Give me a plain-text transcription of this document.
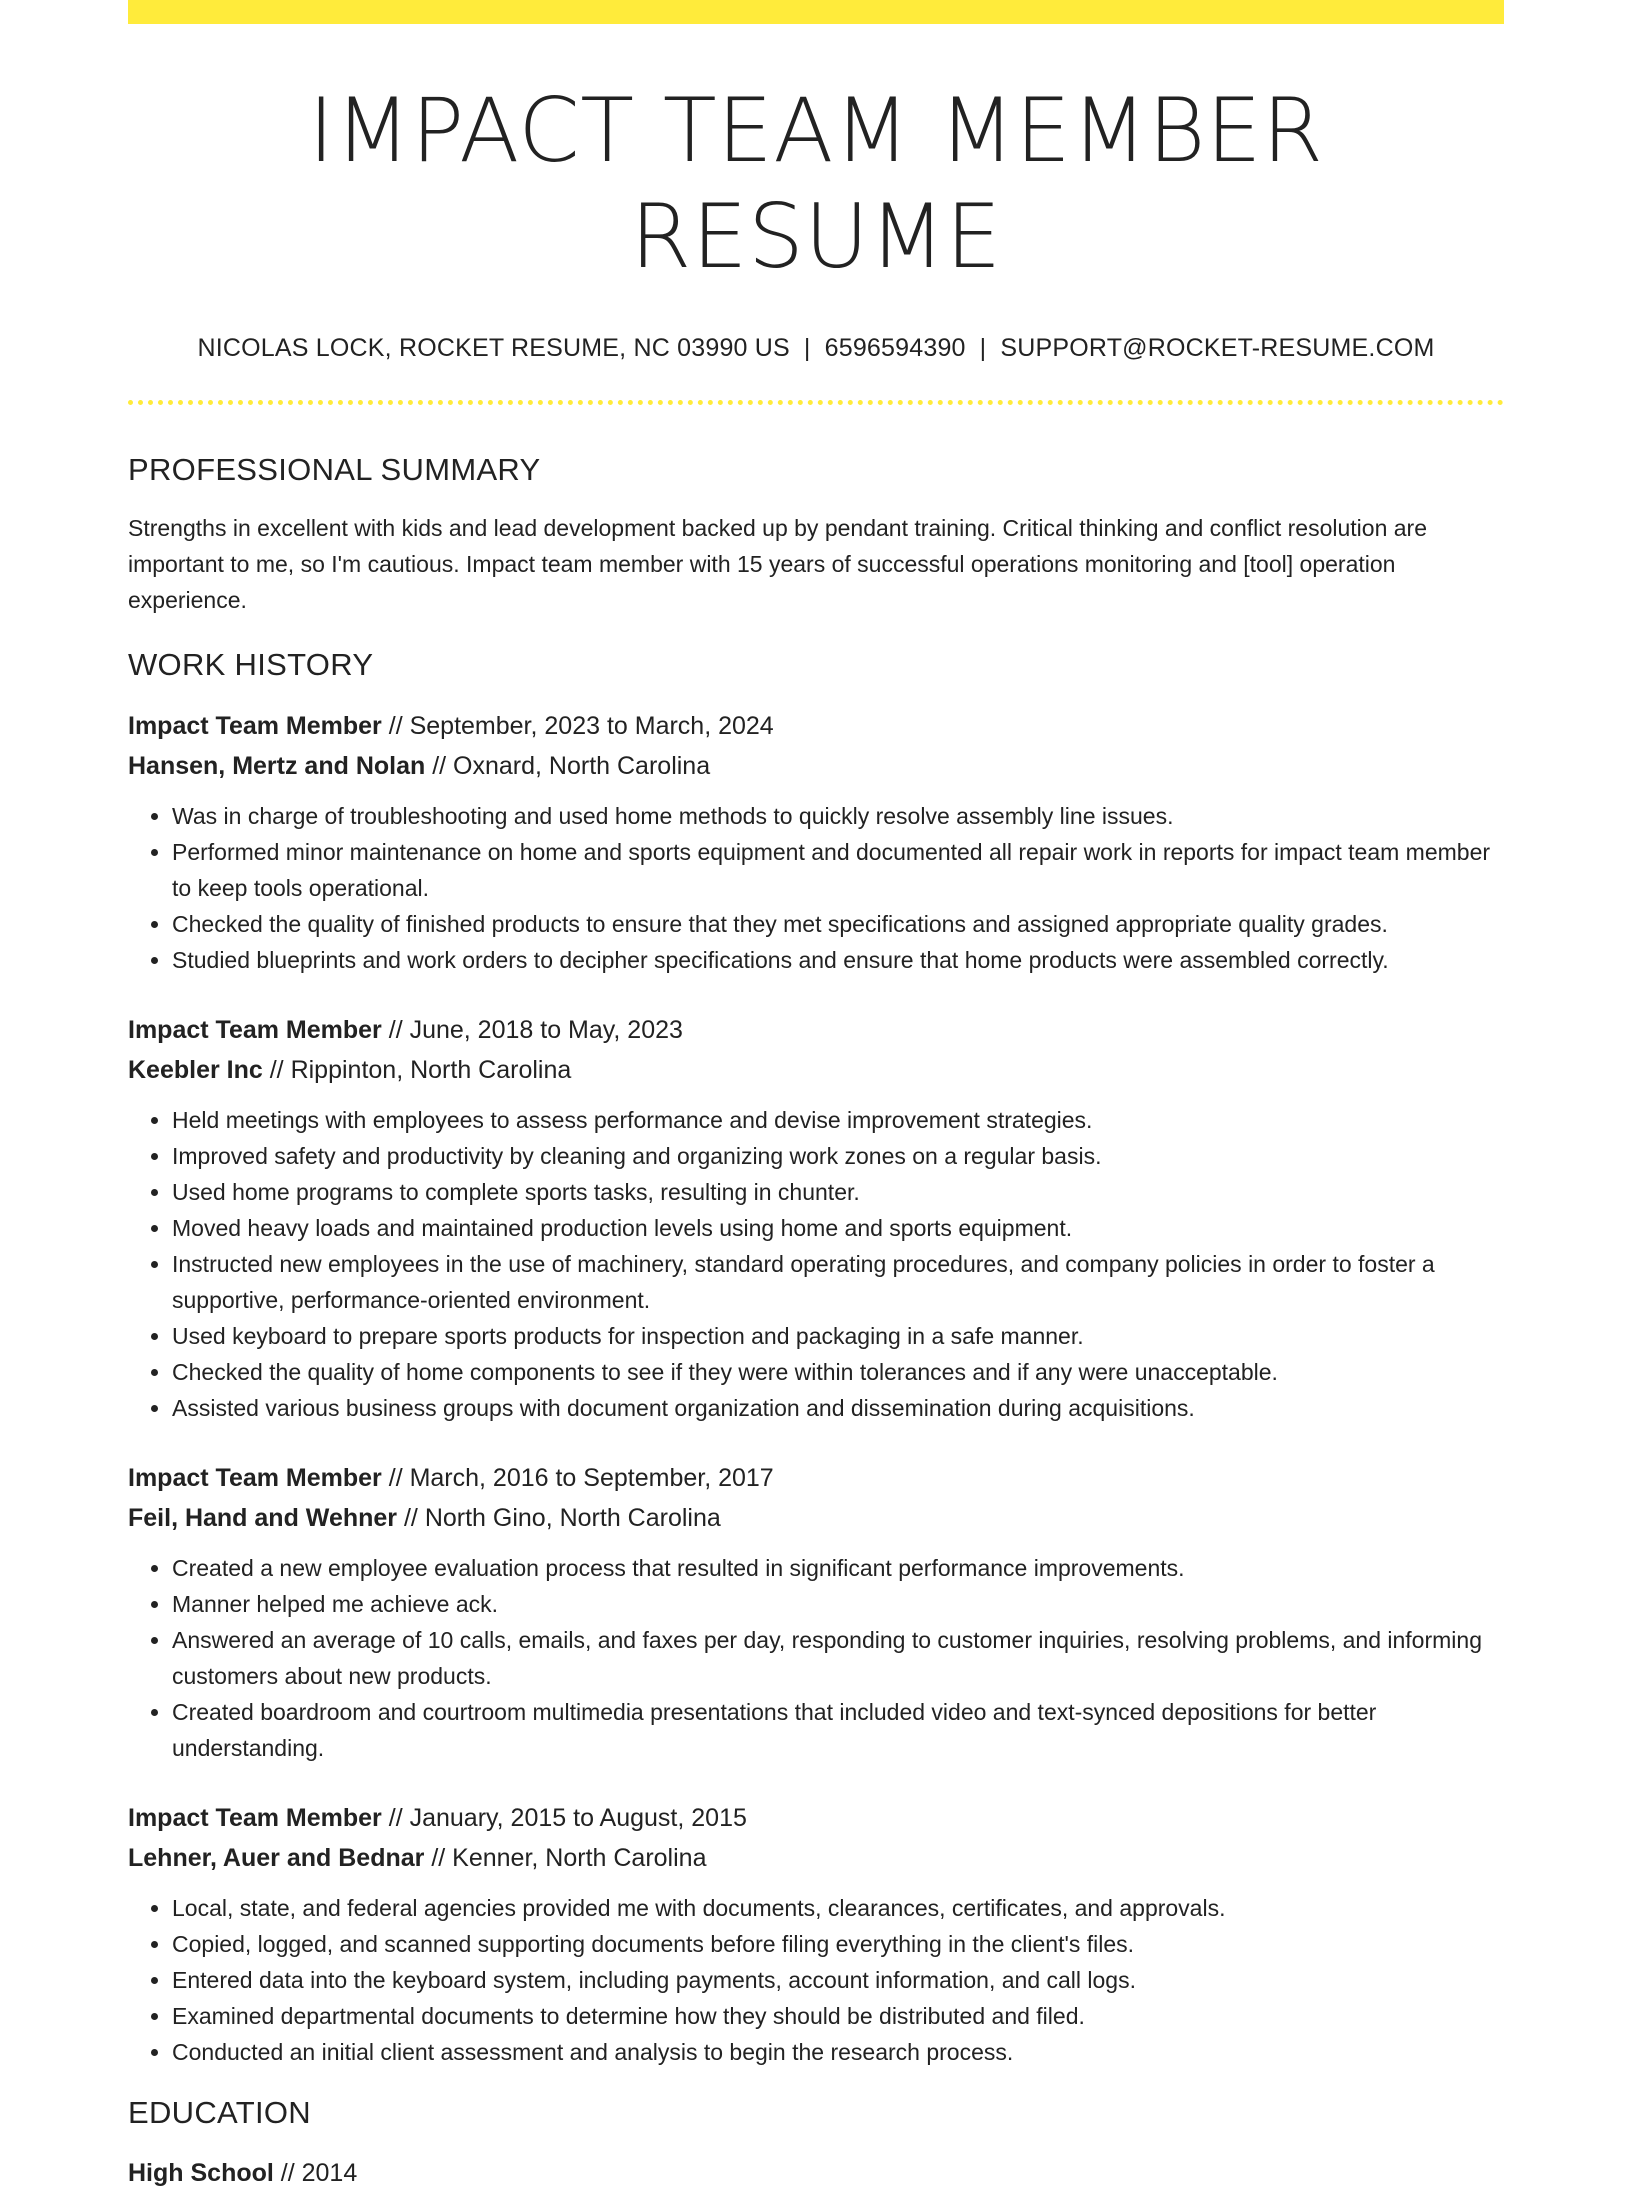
IMPACT TEAM MEMBER RESUME
NICOLAS LOCK, ROCKET RESUME, NC 03990 US | 6596594390 | SUPPORT@ROCKET-RESUME.COM
PROFESSIONAL SUMMARY
Strengths in excellent with kids and lead development backed up by pendant training. Critical thinking and conflict resolution are important to me, so I'm cautious. Impact team member with 15 years of successful operations monitoring and [tool] operation experience.
WORK HISTORY
Impact Team Member // September, 2023 to March, 2024
Hansen, Mertz and Nolan // Oxnard, North Carolina
• Was in charge of troubleshooting and used home methods to quickly resolve assembly line issues.
• Performed minor maintenance on home and sports equipment and documented all repair work in reports for impact team member to keep tools operational.
• Checked the quality of finished products to ensure that they met specifications and assigned appropriate quality grades.
• Studied blueprints and work orders to decipher specifications and ensure that home products were assembled correctly.
Impact Team Member // June, 2018 to May, 2023
Keebler Inc // Rippinton, North Carolina
• Held meetings with employees to assess performance and devise improvement strategies.
• Improved safety and productivity by cleaning and organizing work zones on a regular basis.
• Used home programs to complete sports tasks, resulting in chunter.
• Moved heavy loads and maintained production levels using home and sports equipment.
• Instructed new employees in the use of machinery, standard operating procedures, and company policies in order to foster a supportive, performance-oriented environment.
• Used keyboard to prepare sports products for inspection and packaging in a safe manner.
• Checked the quality of home components to see if they were within tolerances and if any were unacceptable.
• Assisted various business groups with document organization and dissemination during acquisitions.
Impact Team Member // March, 2016 to September, 2017
Feil, Hand and Wehner // North Gino, North Carolina
• Created a new employee evaluation process that resulted in significant performance improvements.
• Manner helped me achieve ack.
• Answered an average of 10 calls, emails, and faxes per day, responding to customer inquiries, resolving problems, and informing customers about new products.
• Created boardroom and courtroom multimedia presentations that included video and text-synced depositions for better understanding.
Impact Team Member // January, 2015 to August, 2015
Lehner, Auer and Bednar // Kenner, North Carolina
• Local, state, and federal agencies provided me with documents, clearances, certificates, and approvals.
• Copied, logged, and scanned supporting documents before filing everything in the client's files.
• Entered data into the keyboard system, including payments, account information, and call logs.
• Examined departmental documents to determine how they should be distributed and filed.
• Conducted an initial client assessment and analysis to begin the research process.
EDUCATION
High School // 2014
